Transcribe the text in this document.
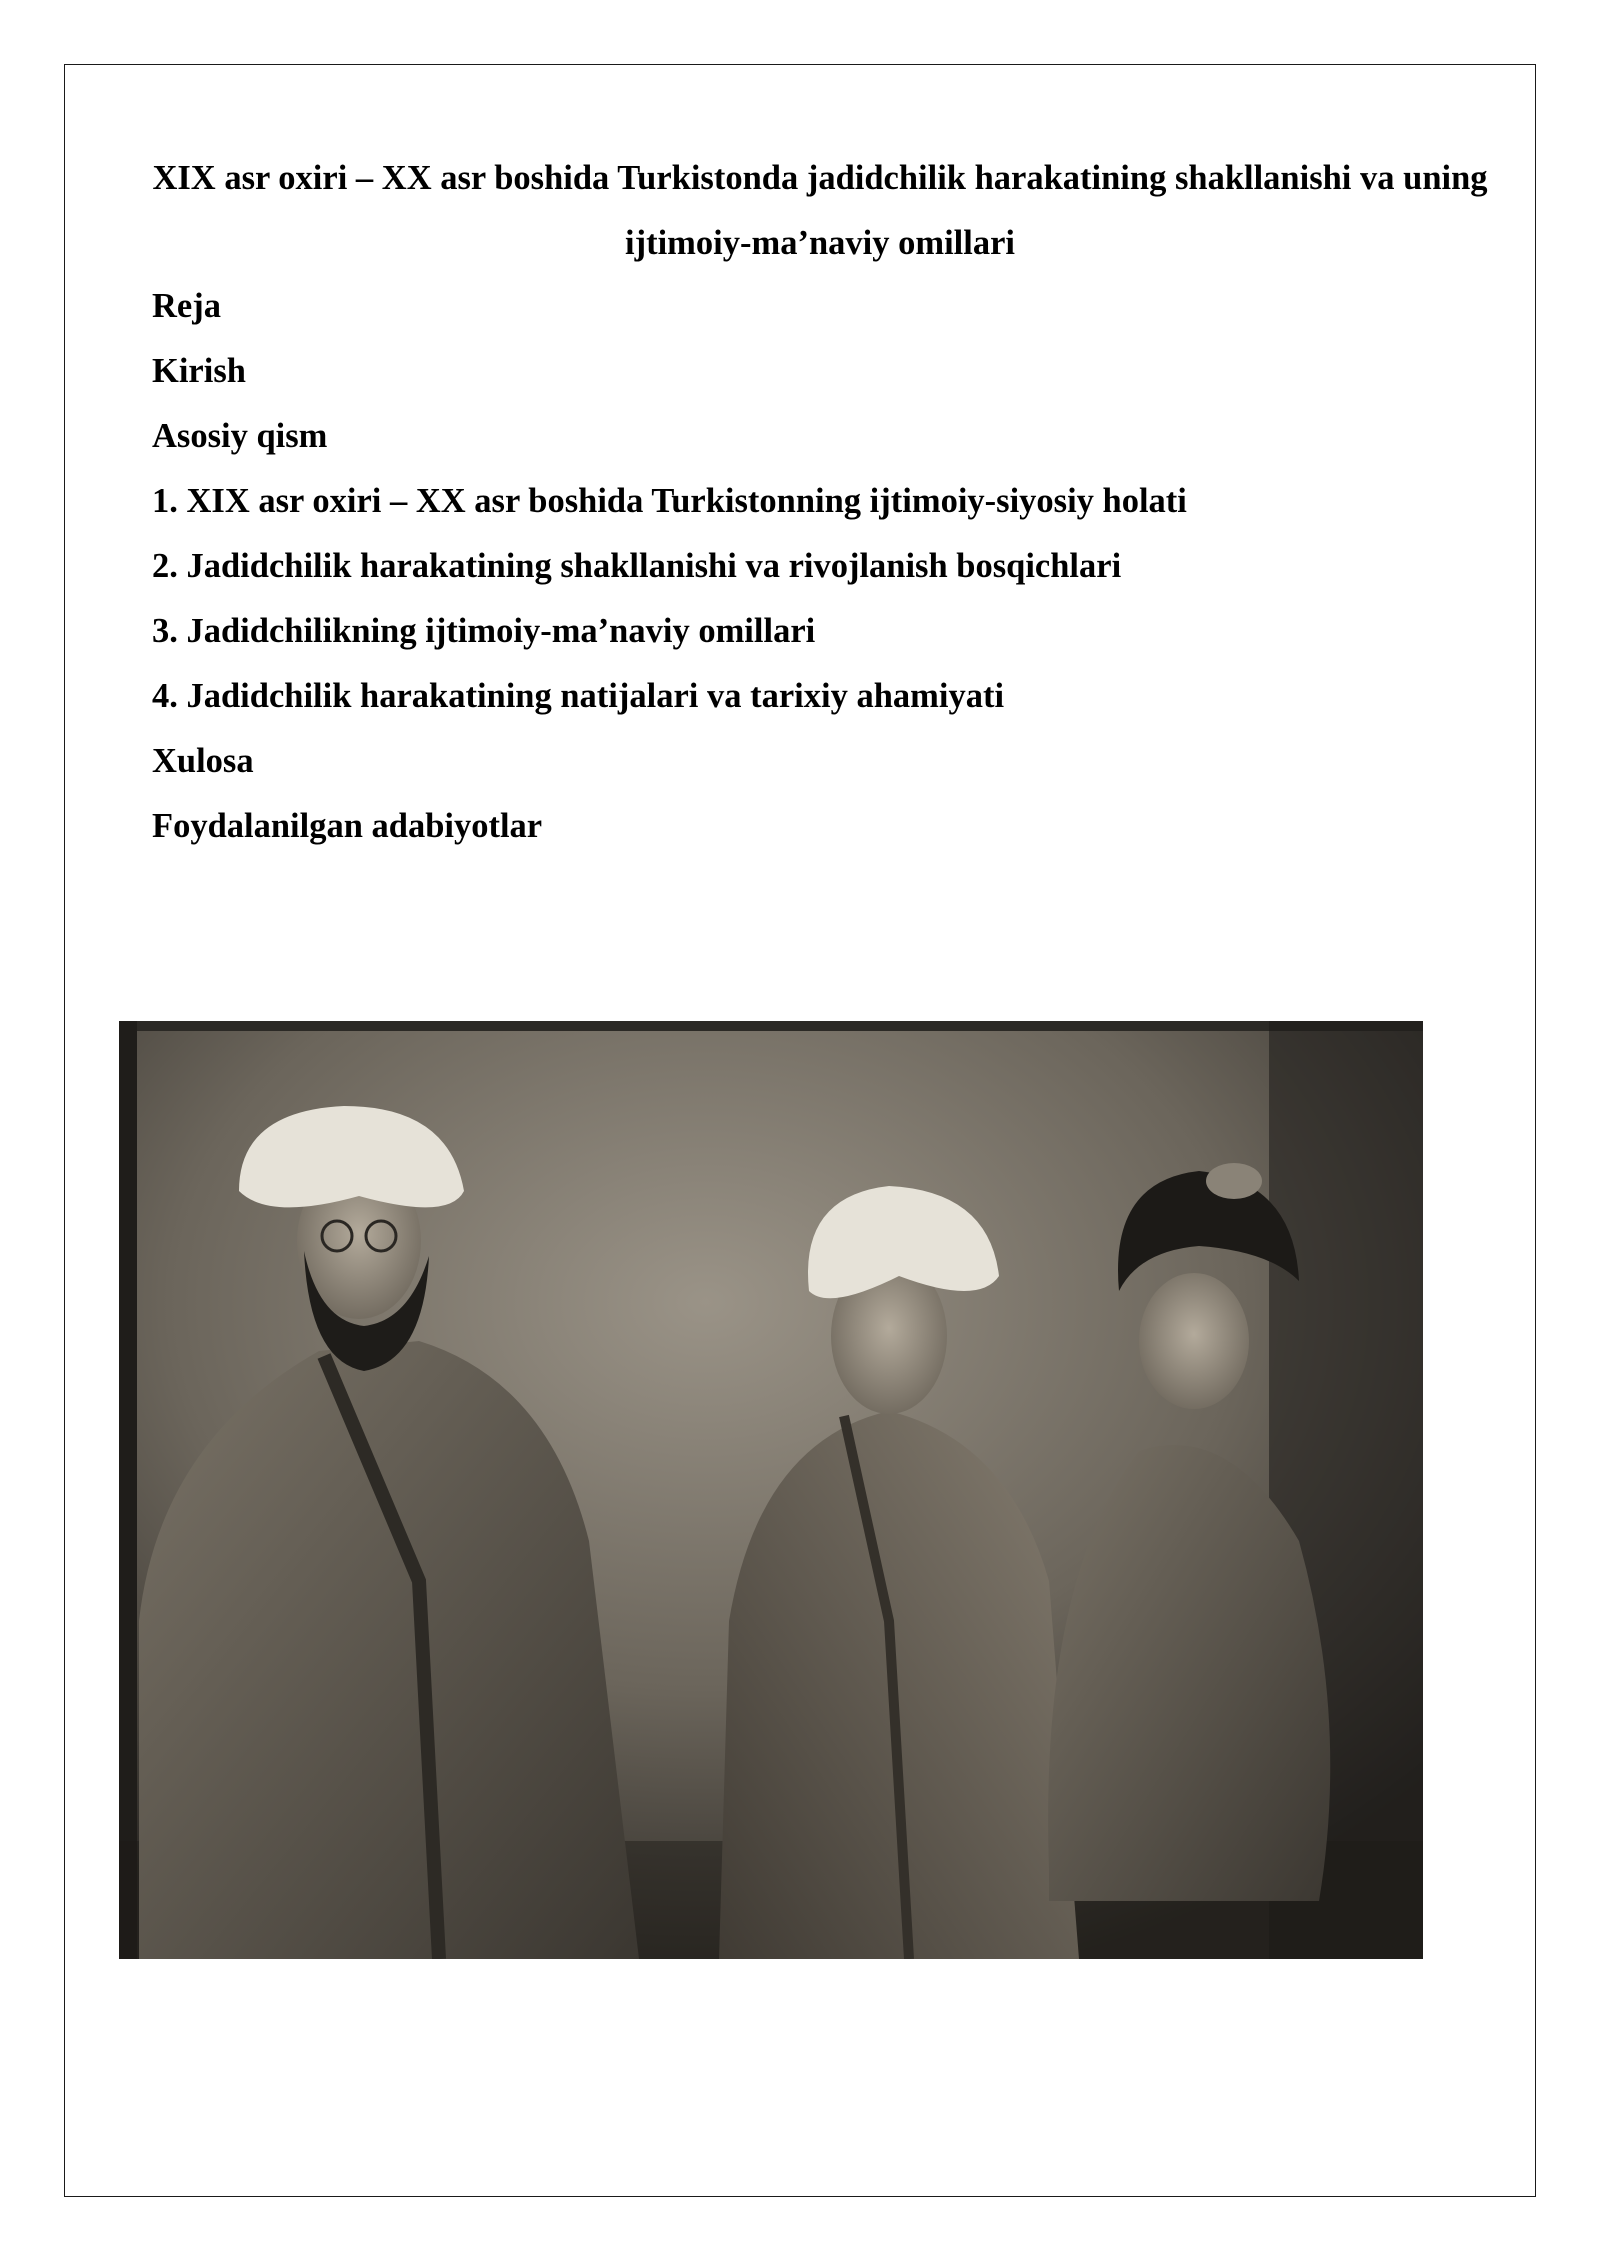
XIX asr oxiri – XX asr boshida Turkistonda jadidchilik harakatining shakllanishi va uning ijtimoiy-ma’naviy omillari
Reja
Kirish
Asosiy qism
1. XIX asr oxiri – XX asr boshida Turkistonning ijtimoiy-siyosiy holati
2. Jadidchilik harakatining shakllanishi va rivojlanish bosqichlari
3. Jadidchilikning ijtimoiy-ma’naviy omillari
4. Jadidchilik harakatining natijalari va tarixiy ahamiyati
Xulosa
Foydalanilgan adabiyotlar
